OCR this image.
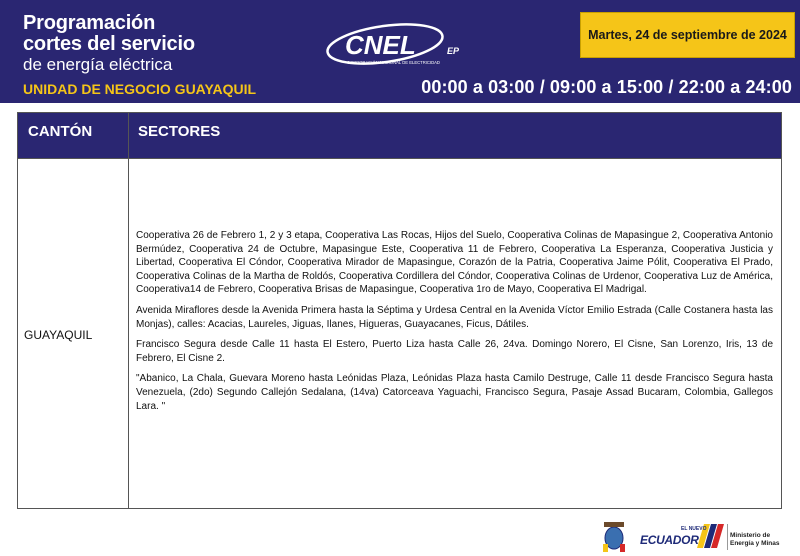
Programación
cortes del servicio
de energía eléctrica
UNIDAD DE NEGOCIO GUAYAQUIL
CNEL	EP
CORPORACIÓN NACIONAL DE ELECTRICIDAD
Martes, 24 de septiembre de 2024
00:00 a 03:00 / 09:00 a 15:00 / 22:00 a 24:00
CANTÓN	SECTORES
GUAYAQUIL

Cooperativa 26 de Febrero 1, 2 y 3 etapa, Cooperativa Las Rocas, Hijos del Suelo, Cooperativa Colinas de Mapasingue 2, Cooperativa Antonio Bermúdez, Cooperativa 24 de Octubre, Mapasingue Este, Cooperativa 11 de Febrero, Cooperativa La Esperanza, Cooperativa Justicia y Libertad, Cooperativa El Cóndor, Cooperativa Mirador de Mapasingue, Corazón de la Patria, Cooperativa Jaime Pólit, Cooperativa El Prado, Cooperativa Colinas de la Martha de Roldós, Cooperativa Cordillera del Cóndor, Cooperativa Colinas de Urdenor, Cooperativa Luz de América, Cooperativa14 de Febrero, Cooperativa Brisas de Mapasingue, Cooperativa 1ro de Mayo, Cooperativa El Madrigal.

Avenida Miraflores desde la Avenida Primera hasta la Séptima y Urdesa Central en la Avenida Víctor Emilio Estrada (Calle Costanera hasta las Monjas), calles: Acacias, Laureles, Jiguas, Ilanes, Higueras, Guayacanes, Ficus, Dátiles.

Francisco Segura desde Calle 11 hasta El Estero, Puerto Liza hasta Calle 26, 24va. Domingo Norero, El Cisne, San Lorenzo, Iris, 13 de Febrero, El Cisne 2.

"Abanico, La Chala, Guevara Moreno hasta Leónidas Plaza, Leónidas Plaza hasta Camilo Destruge, Calle 11 desde Francisco Segura hasta Venezuela, (2do) Segundo Callejón Sedalana, (14va) Catorceava Yaguachi, Francisco Segura, Pasaje Assad Bucaram, Colombia, Gallegos Lara. "

EL NUEVO
ECUADOR	Ministerio de
Energía y Minas
